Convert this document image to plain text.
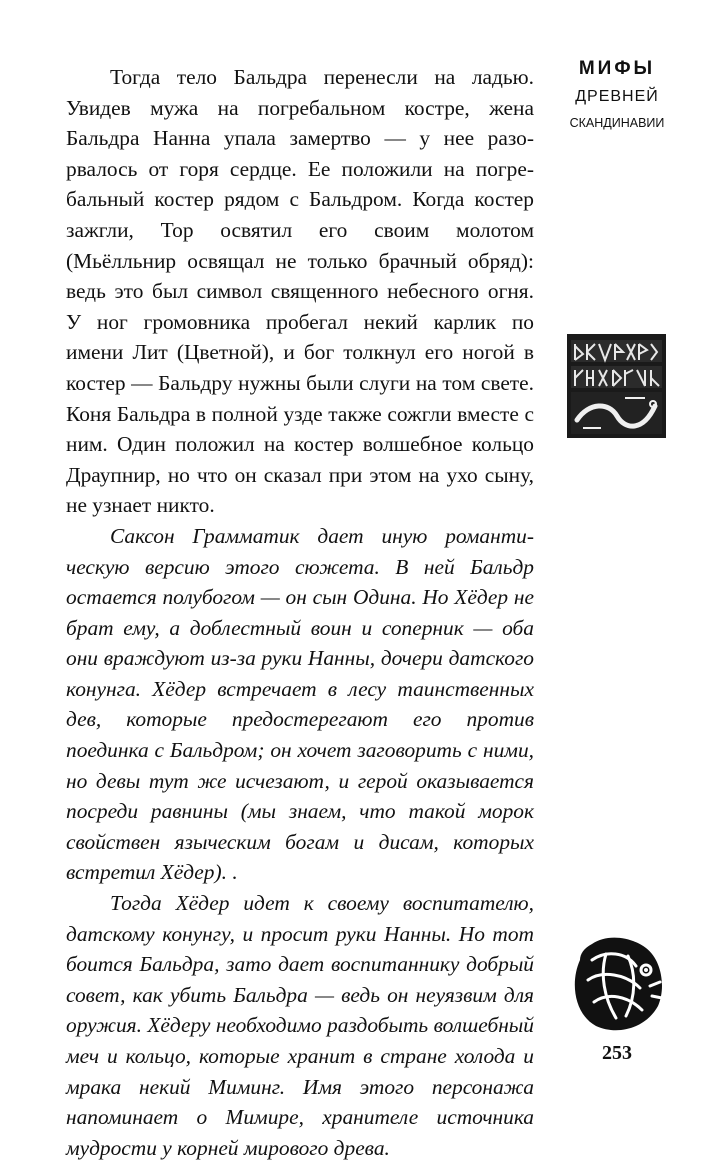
МИФЫ
ДРЕВНЕЙ
СКАНДИНАВИИ

Тогда тело Бальдра перенесли на ладью. Увидев мужа на погребальном костре, жена Бальдра Нанна упала замертво — у нее разорвалось от горя сердце. Ее положили на погребальный костер рядом с Бальдром. Когда костер зажгли, Тор освятил его своим молотом (Мьёлльнир освящал не только брачный обряд): ведь это был символ священного небесного огня. У ног громовника пробегал некий карлик по имени Лит (Цветной), и бог толкнул его ногой в костер — Бальдру нужны были слуги на том свете. Коня Бальдра в полной узде также сожгли вместе с ним. Один положил на костер волшебное кольцо Драупнир, но что он сказал при этом на ухо сыну, не узнает никто.

Саксон Грамматик дает иную романтическую версию этого сюжета. В ней Бальдр остается полубогом — он сын Одина. Но Хёдер не брат ему, а доблестный воин и соперник — оба они враждуют из-за руки Нанны, дочери датского конунга. Хёдер встречает в лесу таинственных дев, которые предостерегают его против поединка с Бальдром; он хочет заговорить с ними, но девы тут же исчезают, и герой оказывается посреди равнины (мы знаем, что такой морок свойствен языческим богам и дисам, которых встретил Хёдер). .

Тогда Хёдер идет к своему воспитателю, датскому конунгу, и просит руки Нанны. Но тот боится Бальдра, зато дает воспитаннику добрый совет, как убить Бальдра — ведь он неуязвим для оружия. Хёдеру необходимо раздобыть волшебный меч и кольцо, которые хранит в стране холода и мрака некий Миминг. Имя этого персонажа напоминает о Мимире, хранителе источника мудрости у корней мирового древа.

253
